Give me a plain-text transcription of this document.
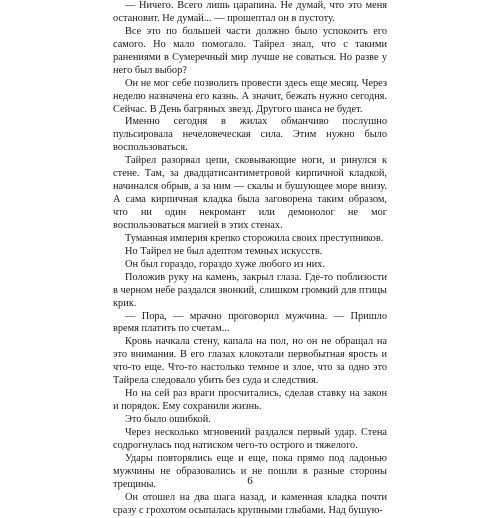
— Ничего. Всего лишь царапина. Не думай, что это меня остановит. Не думай... — прошептал он в пустоту.

Все это по большей части должно было успокоить его самого. Но мало помогало. Тайрел знал, что с такими ранениями в Сумеречный мир лучше не соваться. Но разве у него был выбор?

Он не мог себе позволить провести здесь еще месяц. Через неделю назначена его казнь. А значит, бежать нужно сегодня. Сейчас. В День багряных звезд. Другого шанса не будет.

Именно сегодня в жилах обманчиво послушно пульсировала нечеловеческая сила. Этим нужно было воспользоваться.

Тайрел разорвал цепи, сковывающие ноги, и ринулся к стене. Там, за двадцатисантиметровой кирпичной кладкой, начинался обрыв, а за ним — скалы и бушующее море внизу. А сама кирпичная кладка была заговорена таким образом, что ни один некромант или демонолог не мог воспользоваться магией в этих стенах.

Туманная империя крепко сторожила своих преступников.

Но Тайрел не был адептом темных искусств.

Он был гораздо, гораздо хуже любого из них.

Положив руку на камень, закрыл глаза. Где-то поблизости в черном небе раздался звонкий, слишком громкий для птицы крик.

— Пора, — мрачно проговорил мужчина. — Пришло время платить по счетам...

Кровь начкала стену, капала на пол, но он не обращал на это внимания. В его глазах клокотали первобытная ярость и что-то еще. Что-то настолько темное и злое, что за одно это Тайрела следовало убить без суда и следствия.

Но на сей раз враги просчитались, сделав ставку на закон и порядок. Ему сохранили жизнь.

Это было ошибкой.

Через несколько мгновений раздался первый удар. Стена содрогнулась под натиском чего-то острого и тяжелого.

Удары повторялись еще и еще, пока прямо под ладонью мужчины не образовались и не пошли в разные стороны трещины.

Он отошел на два шага назад, и каменная кладка почти сразу с грохотом осыпалась крупными глыбами. Над бушую-

6
